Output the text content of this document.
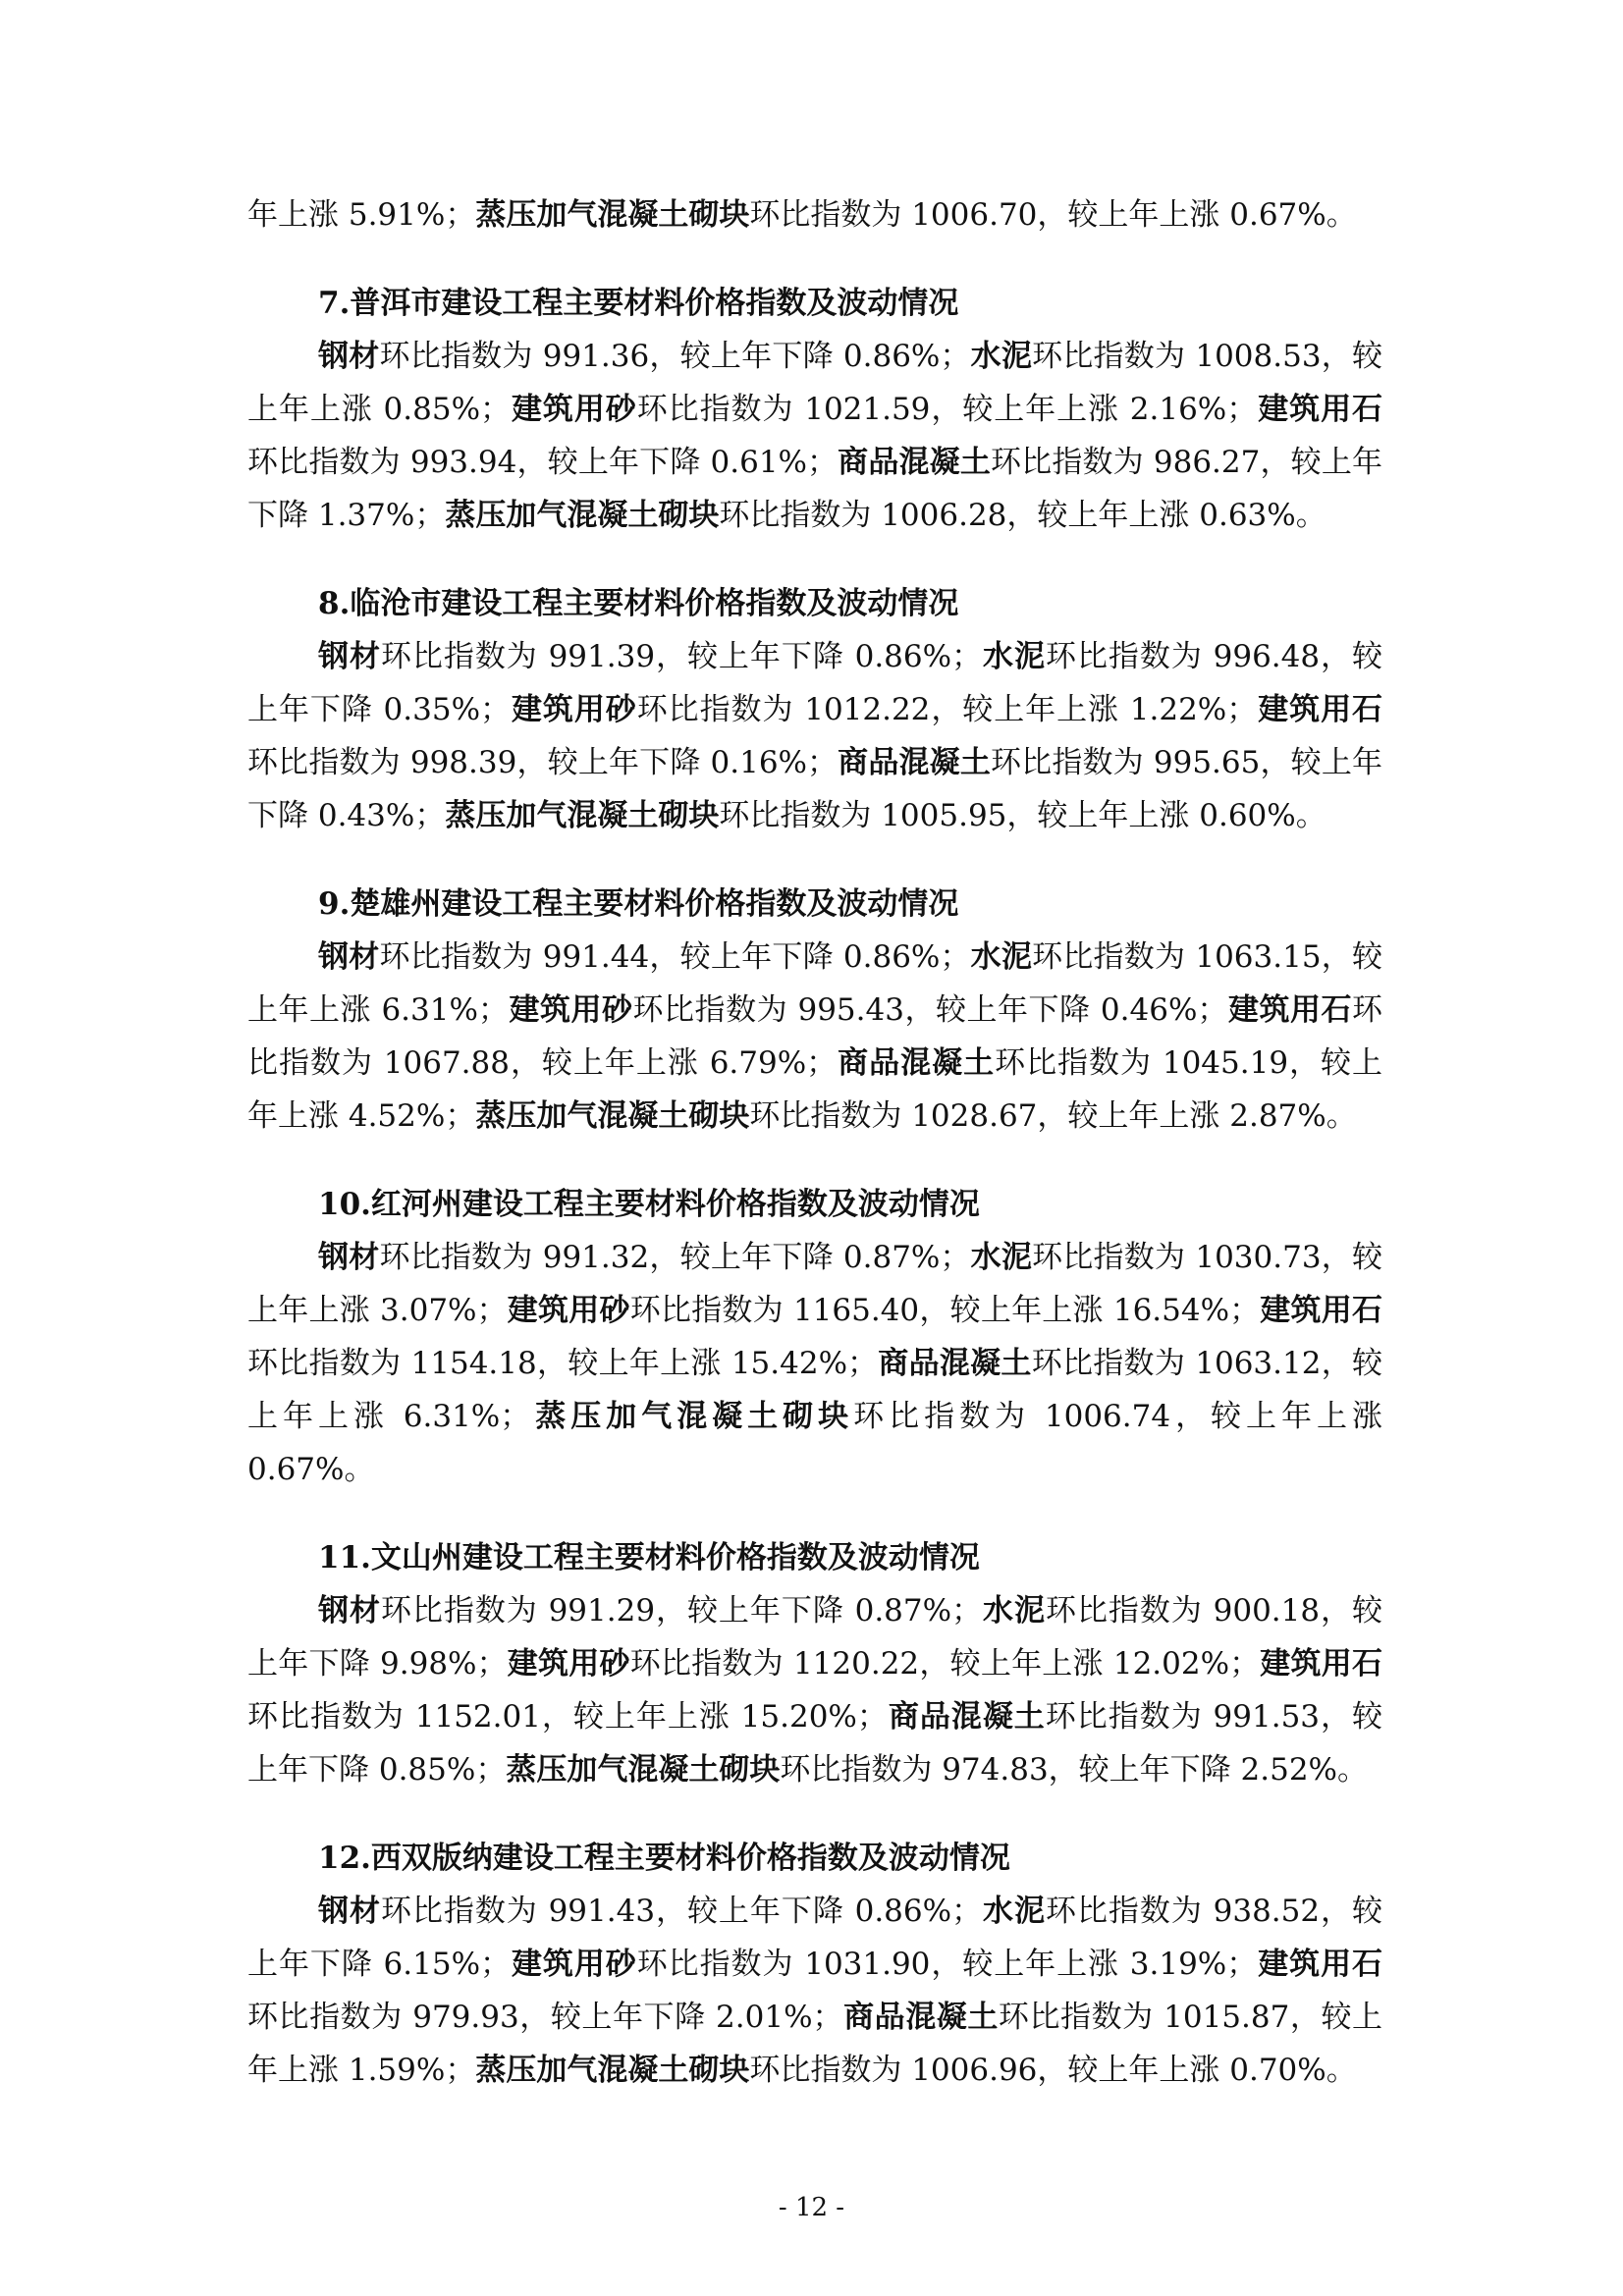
年上涨 5.91%；蒸压加气混凝土砌块环比指数为 1006.70，较上年上涨 0.67%。

7.普洱市建设工程主要材料价格指数及波动情况

钢材环比指数为 991.36，较上年下降 0.86%；水泥环比指数为 1008.53，较上年上涨 0.85%；建筑用砂环比指数为 1021.59，较上年上涨 2.16%；建筑用石环比指数为 993.94，较上年下降 0.61%；商品混凝土环比指数为 986.27，较上年下降 1.37%；蒸压加气混凝土砌块环比指数为 1006.28，较上年上涨 0.63%。

8.临沧市建设工程主要材料价格指数及波动情况

钢材环比指数为 991.39，较上年下降 0.86%；水泥环比指数为 996.48，较上年下降 0.35%；建筑用砂环比指数为 1012.22，较上年上涨 1.22%；建筑用石环比指数为 998.39，较上年下降 0.16%；商品混凝土环比指数为 995.65，较上年下降 0.43%；蒸压加气混凝土砌块环比指数为 1005.95，较上年上涨 0.60%。

9.楚雄州建设工程主要材料价格指数及波动情况

钢材环比指数为 991.44，较上年下降 0.86%；水泥环比指数为 1063.15，较上年上涨 6.31%；建筑用砂环比指数为 995.43，较上年下降 0.46%；建筑用石环比指数为 1067.88，较上年上涨 6.79%；商品混凝土环比指数为 1045.19，较上年上涨 4.52%；蒸压加气混凝土砌块环比指数为 1028.67，较上年上涨 2.87%。

10.红河州建设工程主要材料价格指数及波动情况

钢材环比指数为 991.32，较上年下降 0.87%；水泥环比指数为 1030.73，较上年上涨 3.07%；建筑用砂环比指数为 1165.40，较上年上涨 16.54%；建筑用石环比指数为 1154.18，较上年上涨 15.42%；商品混凝土环比指数为 1063.12，较上年上涨 6.31%；蒸压加气混凝土砌块环比指数为 1006.74，较上年上涨 0.67%。

11.文山州建设工程主要材料价格指数及波动情况

钢材环比指数为 991.29，较上年下降 0.87%；水泥环比指数为 900.18，较上年下降 9.98%；建筑用砂环比指数为 1120.22，较上年上涨 12.02%；建筑用石环比指数为 1152.01，较上年上涨 15.20%；商品混凝土环比指数为 991.53，较上年下降 0.85%；蒸压加气混凝土砌块环比指数为 974.83，较上年下降 2.52%。

12.西双版纳建设工程主要材料价格指数及波动情况

钢材环比指数为 991.43，较上年下降 0.86%；水泥环比指数为 938.52，较上年下降 6.15%；建筑用砂环比指数为 1031.90，较上年上涨 3.19%；建筑用石环比指数为 979.93，较上年下降 2.01%；商品混凝土环比指数为 1015.87，较上年上涨 1.59%；蒸压加气混凝土砌块环比指数为 1006.96，较上年上涨 0.70%。

- 12 -
